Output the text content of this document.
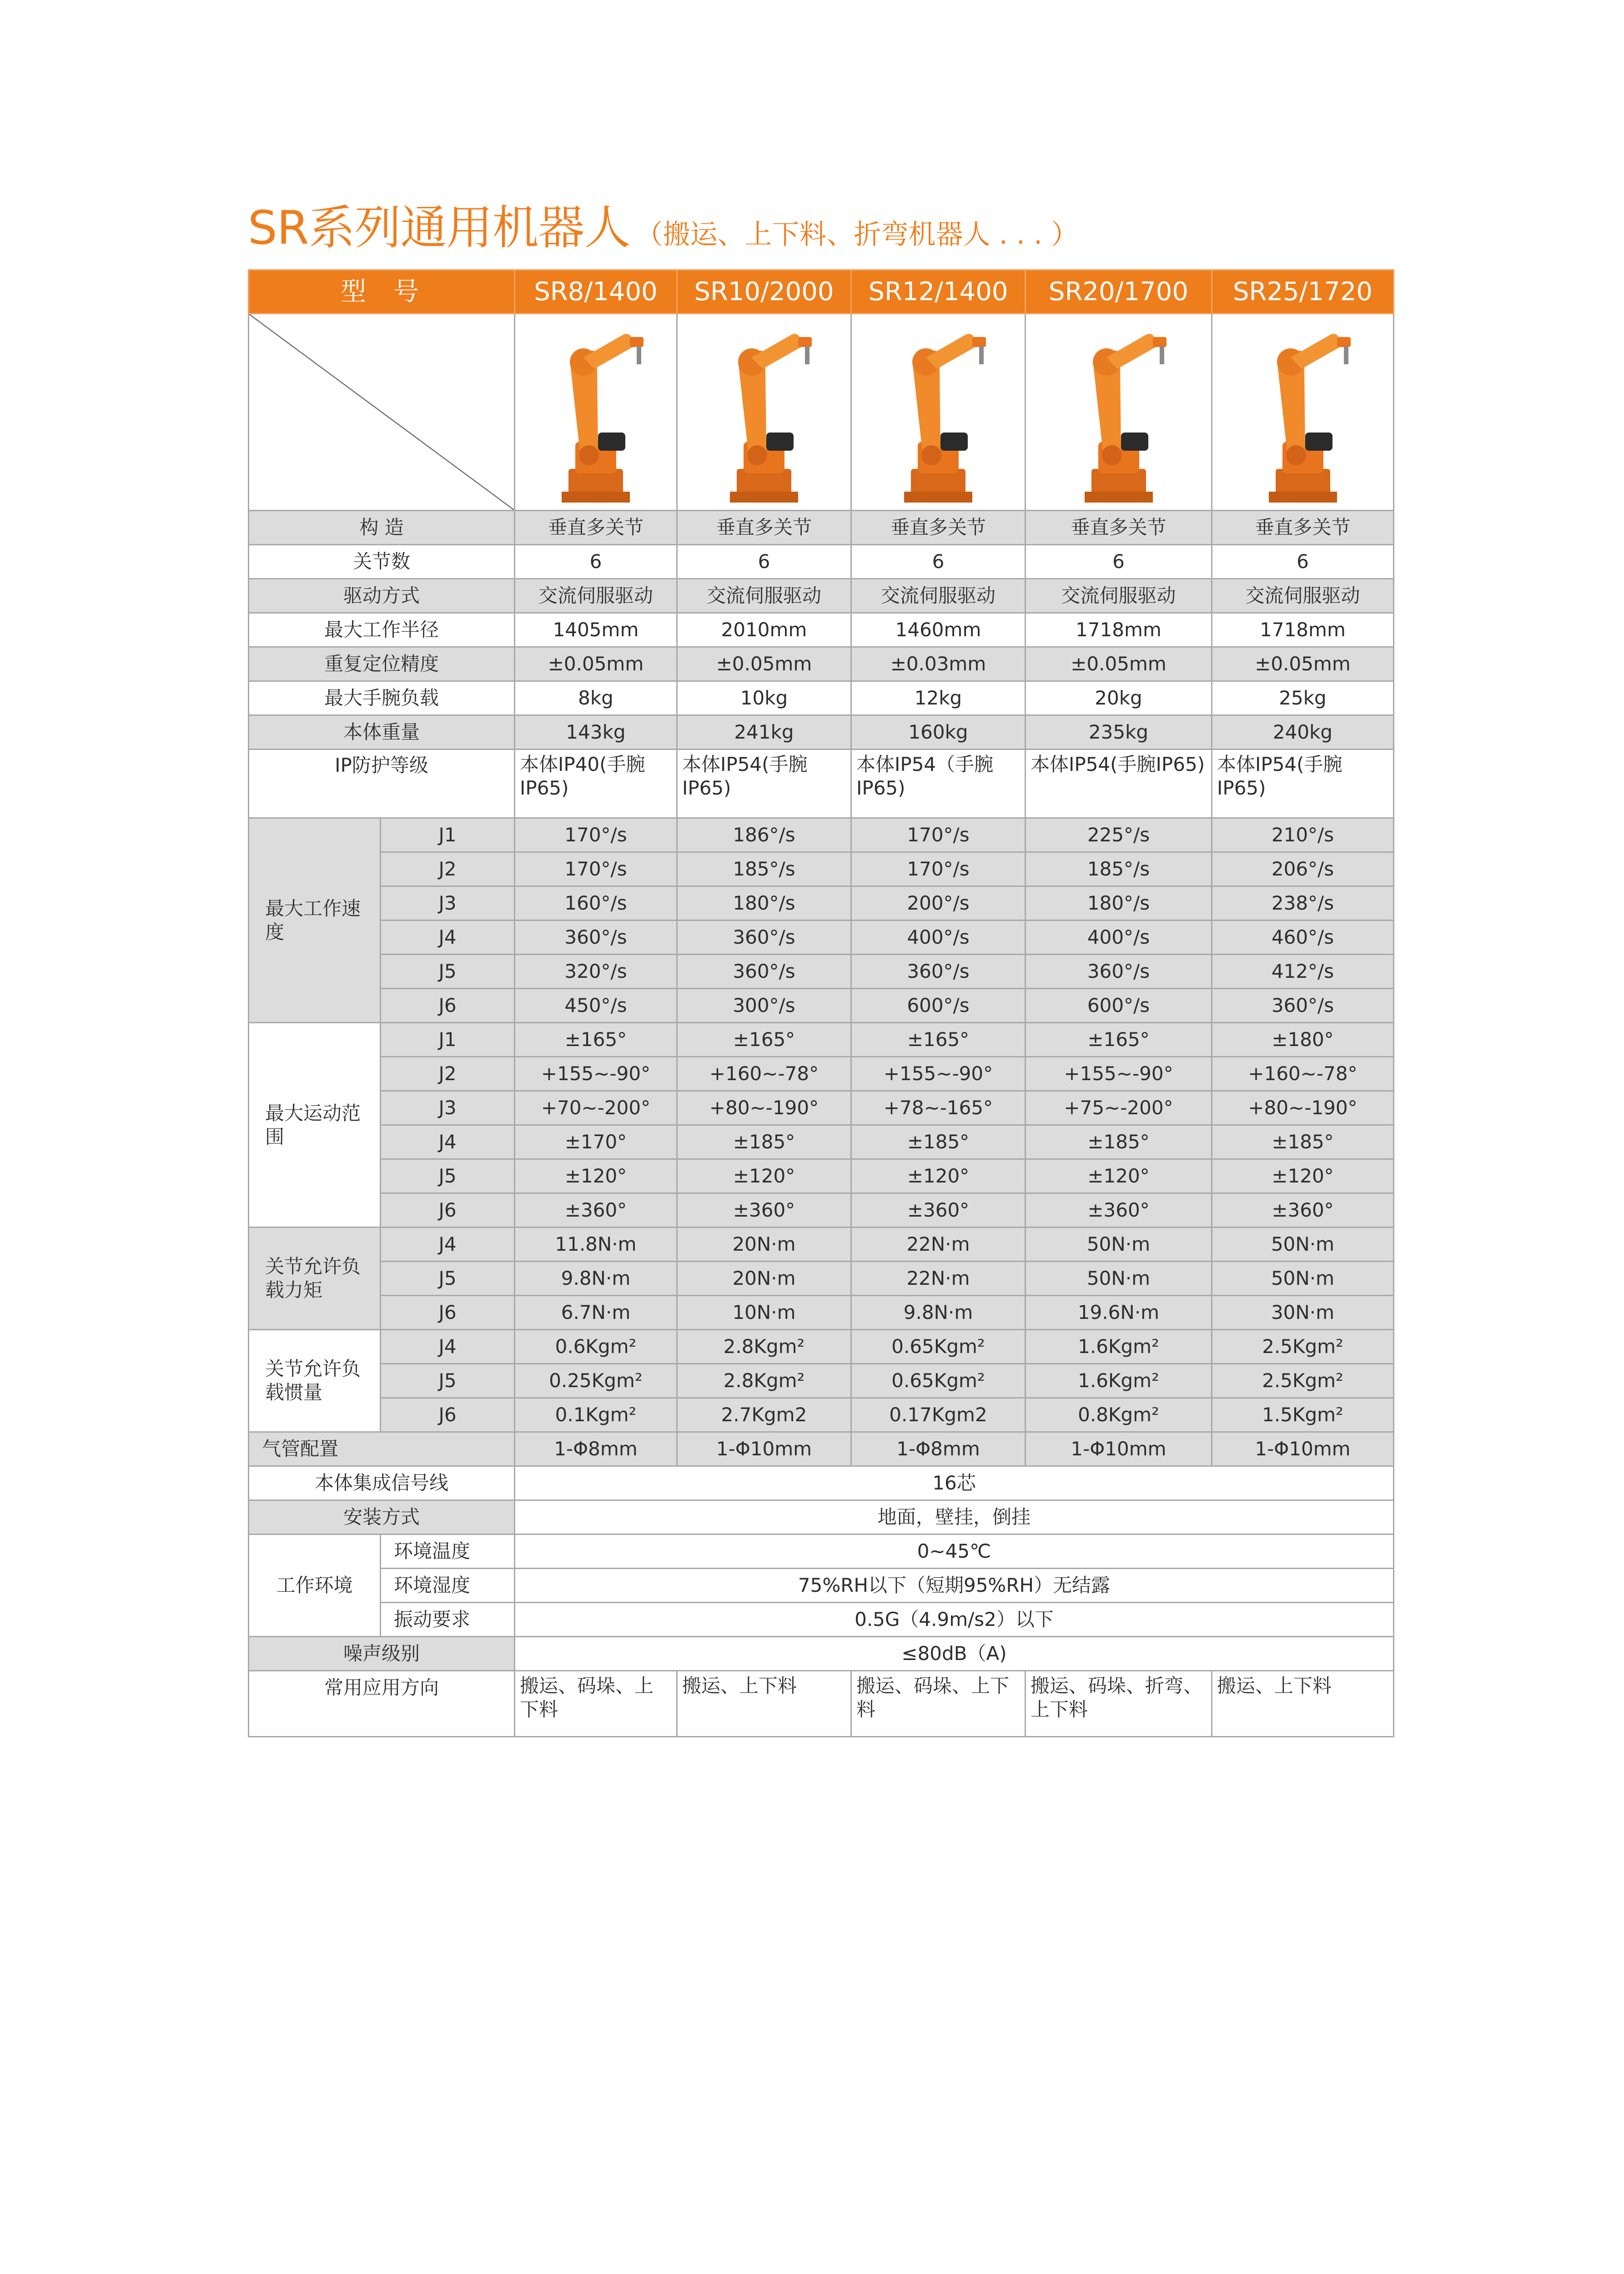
SR系列通用机器人 （搬运、上下料、折弯机器人 . . . ）
型号		SR8/1400	SR10/2000	SR12/1400	SR20/1700	SR25/1720

构 造		垂直多关节	垂直多关节	垂直多关节	垂直多关节	垂直多关节
关节数		6	6	6	6	6
驱动方式		交流伺服驱动	交流伺服驱动	交流伺服驱动	交流伺服驱动	交流伺服驱动
最大工作半径		1405mm	2010mm	1460mm	1718mm	1718mm
重复定位精度		±0.05mm	±0.05mm	±0.03mm	±0.05mm	±0.05mm
最大手腕负载		8kg	10kg	12kg	20kg	25kg
本体重量		143kg	241kg	160kg	235kg	240kg
IP防护等级		本体IP40(手腕IP65)	本体IP54(手腕IP65)	本体IP54（手腕IP65)	本体IP54(手腕IP65)	本体IP54(手腕IP65)
最大工作速度	J1	170°/s	186°/s	170°/s	225°/s	210°/s
	J2	170°/s	185°/s	170°/s	185°/s	206°/s
	J3	160°/s	180°/s	200°/s	180°/s	238°/s
	J4	360°/s	360°/s	400°/s	400°/s	460°/s
	J5	320°/s	360°/s	360°/s	360°/s	412°/s
	J6	450°/s	300°/s	600°/s	600°/s	360°/s
最大运动范围	J1	±165°	±165°	±165°	±165°	±180°
	J2	+155~-90°	+160~-78°	+155~-90°	+155~-90°	+160~-78°
	J3	+70~-200°	+80~-190°	+78~-165°	+75~-200°	+80~-190°
	J4	±170°	±185°	±185°	±185°	±185°
	J5	±120°	±120°	±120°	±120°	±120°
	J6	±360°	±360°	±360°	±360°	±360°
关节允许负载力矩	J4	11.8N·m	20N·m	22N·m	50N·m	50N·m
	J5	9.8N·m	20N·m	22N·m	50N·m	50N·m
	J6	6.7N·m	10N·m	9.8N·m	19.6N·m	30N·m
关节允许负载惯量	J4	0.6Kgm²	2.8Kgm²	0.65Kgm²	1.6Kgm²	2.5Kgm²
	J5	0.25Kgm²	2.8Kgm²	0.65Kgm²	1.6Kgm²	2.5Kgm²
	J6	0.1Kgm²	2.7Kgm2	0.17Kgm2	0.8Kgm²	1.5Kgm²
气管配置		1-Φ8mm	1-Φ10mm	1-Φ8mm	1-Φ10mm	1-Φ10mm
本体集成信号线		16芯				
安装方式		地面，壁挂，倒挂				
工作环境	环境温度	0~45℃				
	环境湿度	75%RH以下（短期95%RH）无结露				
	振动要求	0.5G（4.9m/s2）以下				
噪声级别		≤80dB（A)				
常用应用方向		搬运、码垛、上下料	搬运、上下料	搬运、码垛、上下料	搬运、码垛、折弯、上下料	搬运、上下料
